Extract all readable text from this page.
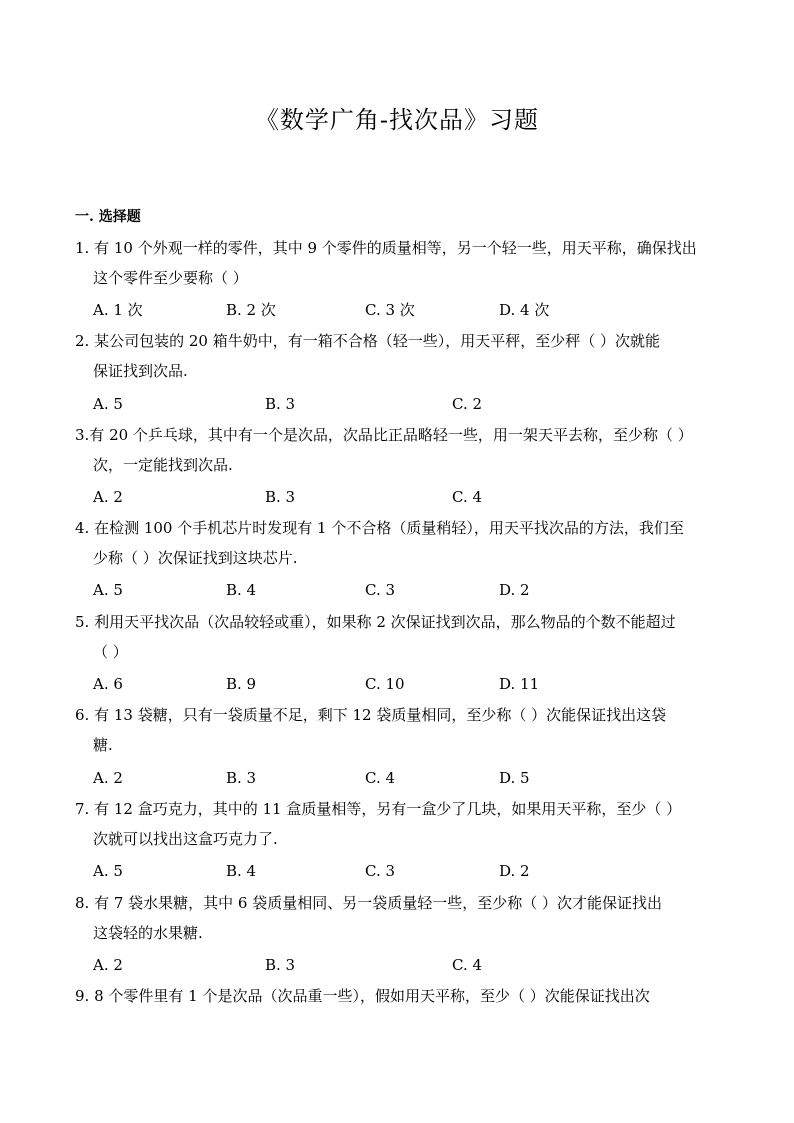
《数学广角-找次品》习题
一. 选择题
1. 有 10 个外观一样的零件，其中 9 个零件的质量相等，另一个轻一些，用天平称，确保找出
这个零件至少要称（ ）
A. 1 次	B. 2 次	C. 3 次	D. 4 次
2. 某公司包装的 20 箱牛奶中，有一箱不合格（轻一些），用天平秤，至少秤（ ）次就能
保证找到次品.
A. 5	B. 3	C. 2
3.有 20 个乒乓球，其中有一个是次品，次品比正品略轻一些，用一架天平去称，至少称（ ）
次，一定能找到次品.
A. 2	B. 3	C. 4
4. 在检测 100 个手机芯片时发现有 1 个不合格（质量稍轻），用天平找次品的方法，我们至
少称（ ）次保证找到这块芯片.
A. 5	B. 4	C. 3	D. 2
5. 利用天平找次品（次品较轻或重），如果称 2 次保证找到次品，那么物品的个数不能超过
（ ）
A. 6	B. 9	C. 10	D. 11
6. 有 13 袋糖，只有一袋质量不足，剩下 12 袋质量相同，至少称（ ）次能保证找出这袋
糖.
A. 2	B. 3	C. 4	D. 5
7. 有 12 盒巧克力，其中的 11 盒质量相等，另有一盒少了几块，如果用天平称，至少（ ）
次就可以找出这盒巧克力了.
A. 5	B. 4	C. 3	D. 2
8. 有 7 袋水果糖，其中 6 袋质量相同、另一袋质量轻一些，至少称（ ）次才能保证找出
这袋轻的水果糖.
A. 2	B. 3	C. 4
9. 8 个零件里有 1 个是次品（次品重一些），假如用天平称，至少（ ）次能保证找出次
